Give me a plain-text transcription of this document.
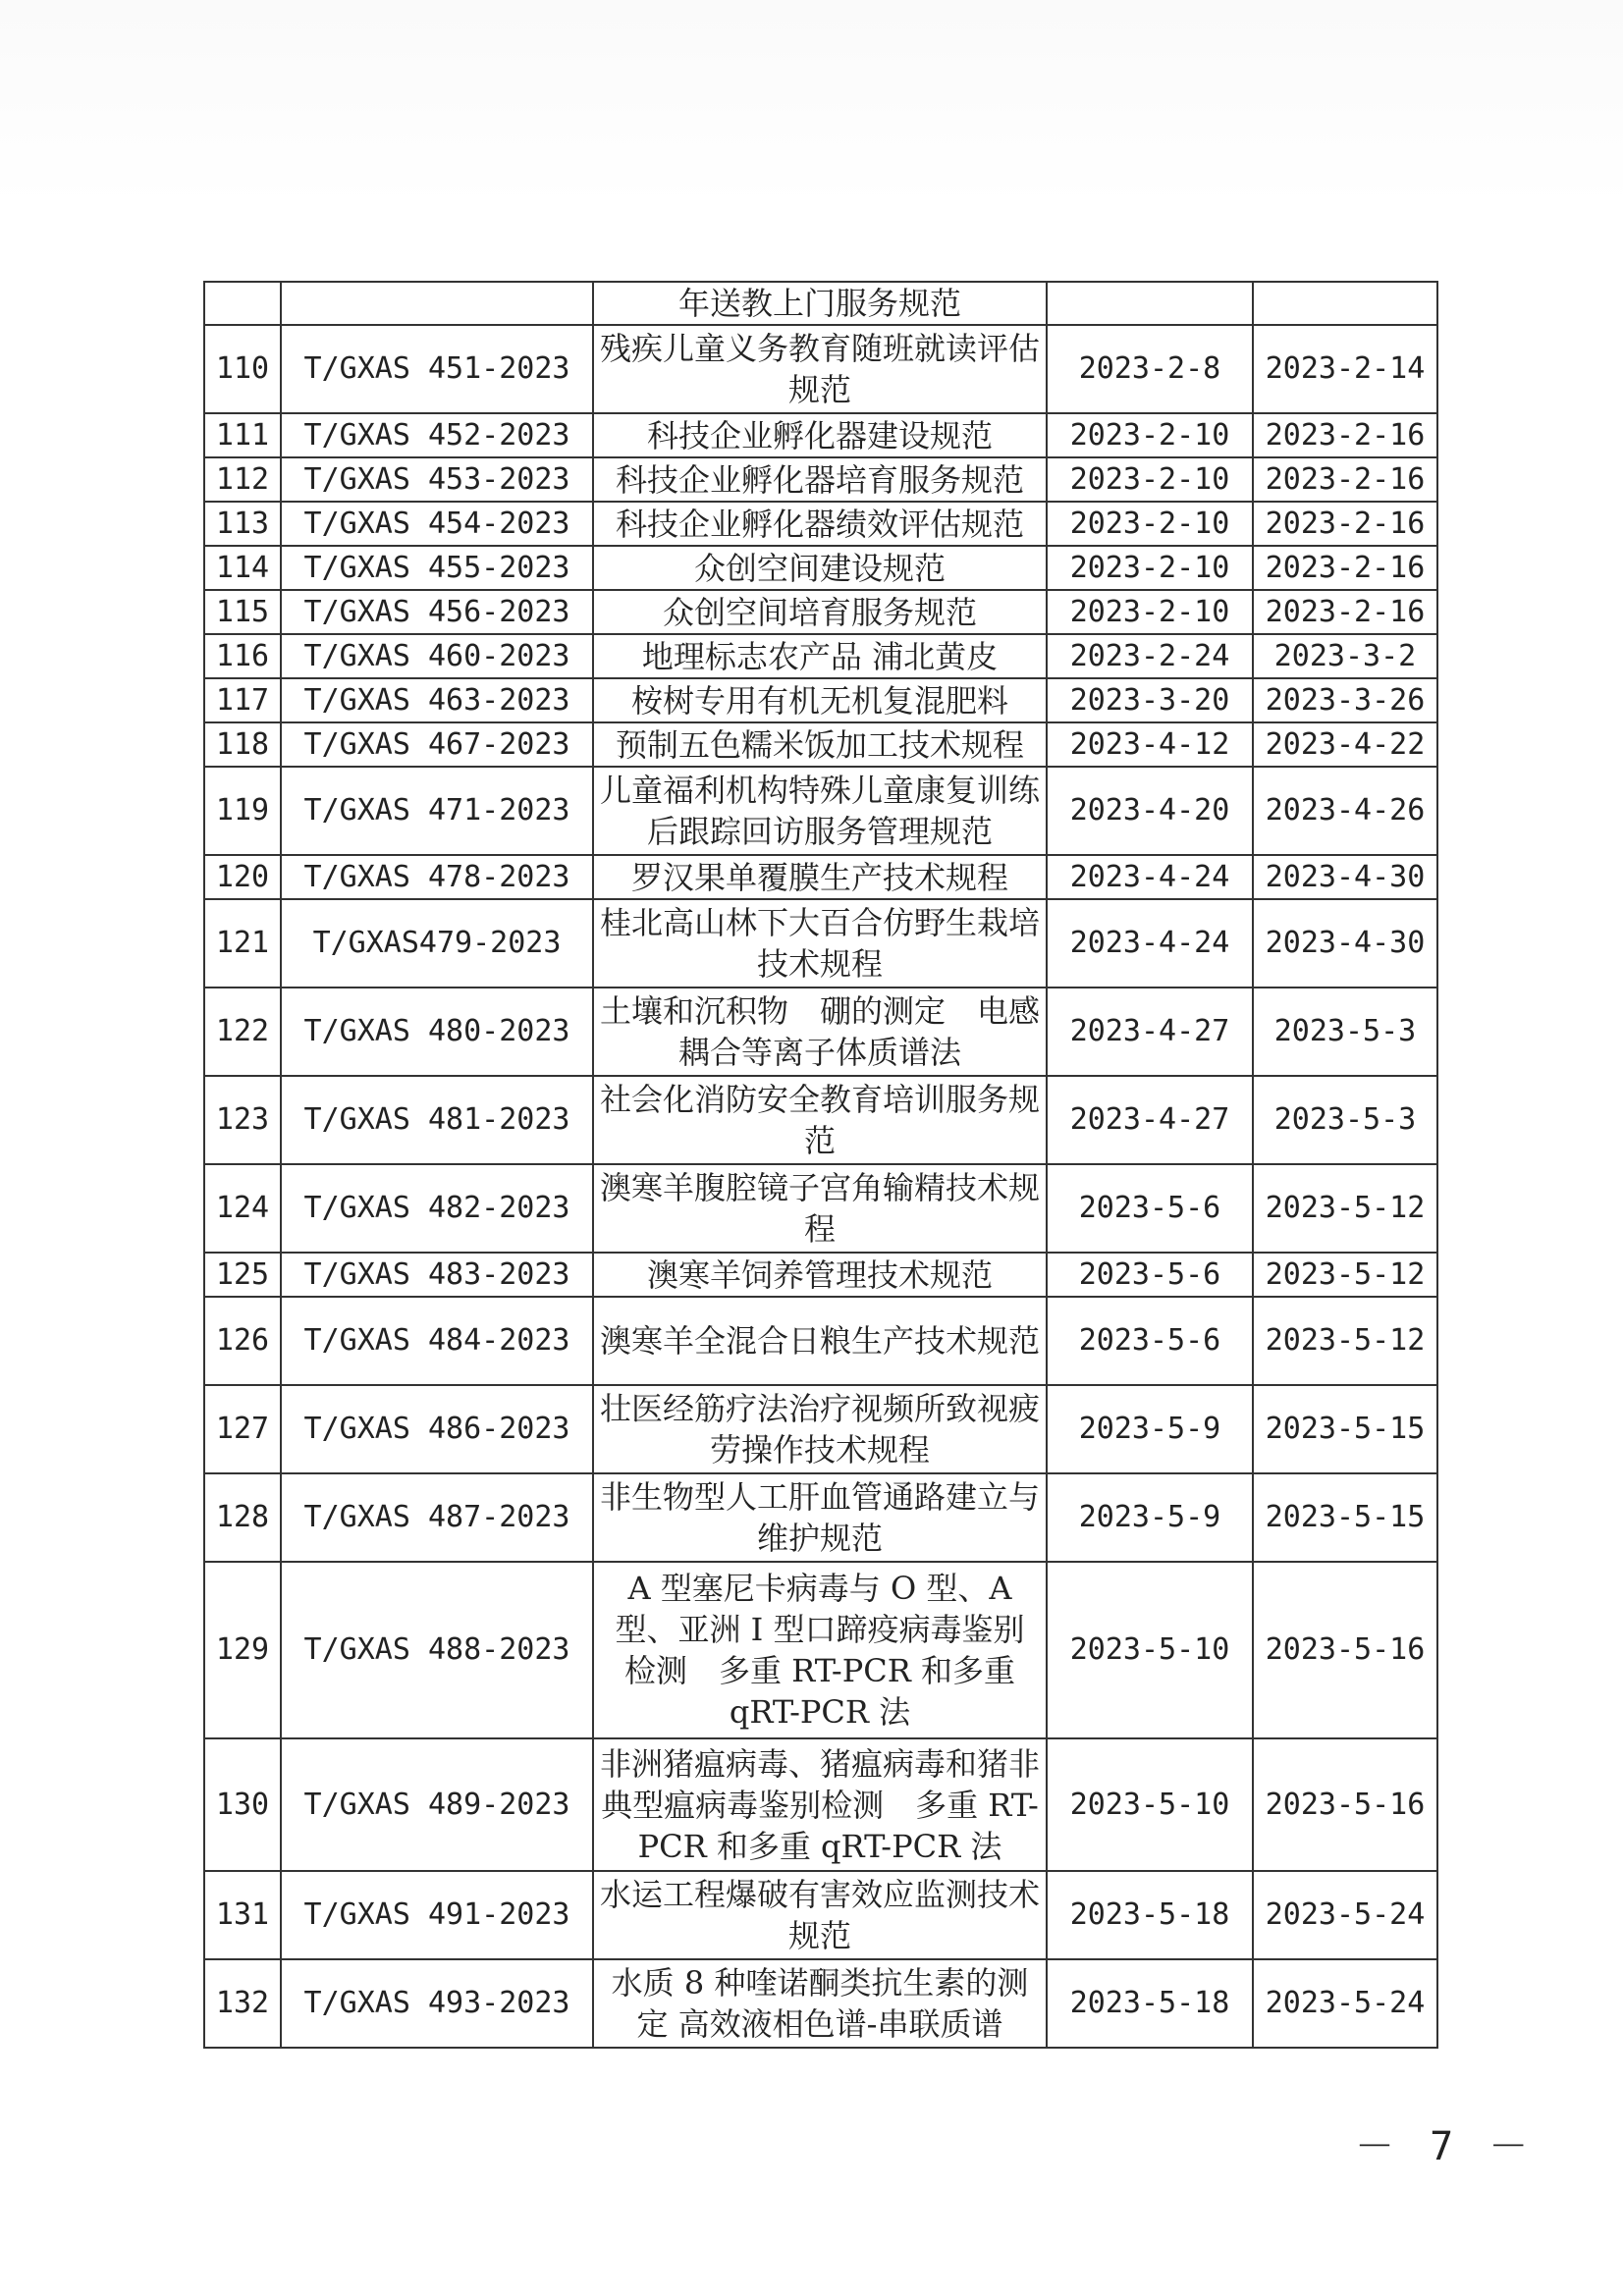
		年送教上门服务规范		
110	T/GXAS 451-2023	残疾儿童义务教育随班就读评估规范	2023-2-8	2023-2-14
111	T/GXAS 452-2023	科技企业孵化器建设规范	2023-2-10	2023-2-16
112	T/GXAS 453-2023	科技企业孵化器培育服务规范	2023-2-10	2023-2-16
113	T/GXAS 454-2023	科技企业孵化器绩效评估规范	2023-2-10	2023-2-16
114	T/GXAS 455-2023	众创空间建设规范	2023-2-10	2023-2-16
115	T/GXAS 456-2023	众创空间培育服务规范	2023-2-10	2023-2-16
116	T/GXAS 460-2023	地理标志农产品 浦北黄皮	2023-2-24	2023-3-2
117	T/GXAS 463-2023	桉树专用有机无机复混肥料	2023-3-20	2023-3-26
118	T/GXAS 467-2023	预制五色糯米饭加工技术规程	2023-4-12	2023-4-22
119	T/GXAS 471-2023	儿童福利机构特殊儿童康复训练后跟踪回访服务管理规范	2023-4-20	2023-4-26
120	T/GXAS 478-2023	罗汉果单覆膜生产技术规程	2023-4-24	2023-4-30
121	T/GXAS479-2023	桂北高山林下大百合仿野生栽培技术规程	2023-4-24	2023-4-30
122	T/GXAS 480-2023	土壤和沉积物　硼的测定　电感耦合等离子体质谱法	2023-4-27	2023-5-3
123	T/GXAS 481-2023	社会化消防安全教育培训服务规范	2023-4-27	2023-5-3
124	T/GXAS 482-2023	澳寒羊腹腔镜子宫角输精技术规程	2023-5-6	2023-5-12
125	T/GXAS 483-2023	澳寒羊饲养管理技术规范	2023-5-6	2023-5-12
126	T/GXAS 484-2023	澳寒羊全混合日粮生产技术规范	2023-5-6	2023-5-12
127	T/GXAS 486-2023	壮医经筋疗法治疗视频所致视疲劳操作技术规程	2023-5-9	2023-5-15
128	T/GXAS 487-2023	非生物型人工肝血管通路建立与维护规范	2023-5-9	2023-5-15
129	T/GXAS 488-2023	A 型塞尼卡病毒与 O 型、A 型、亚洲 I 型口蹄疫病毒鉴别检测　多重 RT-PCR 和多重 qRT-PCR 法	2023-5-10	2023-5-16
130	T/GXAS 489-2023	非洲猪瘟病毒、猪瘟病毒和猪非典型瘟病毒鉴别检测　多重 RT-PCR 和多重 qRT-PCR 法	2023-5-10	2023-5-16
131	T/GXAS 491-2023	水运工程爆破有害效应监测技术规范	2023-5-18	2023-5-24
132	T/GXAS 493-2023	水质 8 种喹诺酮类抗生素的测定 高效液相色谱-串联质谱	2023-5-18	2023-5-24
－ 7 －
